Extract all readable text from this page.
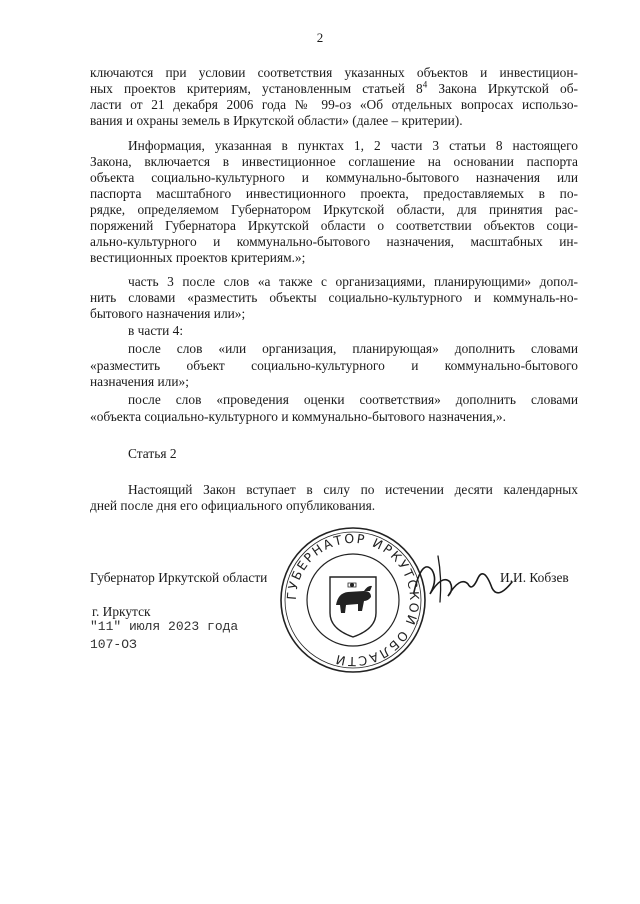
2
ключаются при условии соответствия указанных объектов и инвестицион-
ных проектов критериям, установленным статьей $8^4$ Закона Иркутской об-
ласти от 21 декабря 2006 года № 99-оз «Об отдельных вопросах использо-
вания и охраны земель в Иркутской области» (далее – критерии).
Информация, указанная в пунктах 1, 2 части 3 статьи 8 настоящего
Закона, включается в инвестиционное соглашение на основании паспорта
объекта социально-культурного и коммунально-бытового назначения или
паспорта масштабного инвестиционного проекта, предоставляемых в по-
рядке, определяемом Губернатором Иркутской области, для принятия рас-
поряжений Губернатора Иркутской области о соответствии объектов соци-
ально-культурного и коммунально-бытового назначения, масштабных ин-
вестиционных проектов критериям.»;
часть 3 после слов «а также с организациями, планирующими» допол-
нить словами «разместить объекты социально-культурного и коммуналь-но-
бытового назначения или»;
в части 4:
после слов «или организация, планирующая» дополнить словами
«разместить объект социально-культурного и коммунально-бытового
назначения или»;
после слов «проведения оценки соответствия» дополнить словами
«объекта социально-культурного и коммунально-бытового назначения,».
Статья 2
Настоящий Закон вступает в силу по истечении десяти календарных
дней после дня его официального опубликования.
ГУБЕРНАТОР ИРКУТСКОЙ ОБЛАСТИ
Губернатор Иркутской области	И.И. Кобзев
г. Иркутск
"11" июля 2023 года
107-ОЗ
